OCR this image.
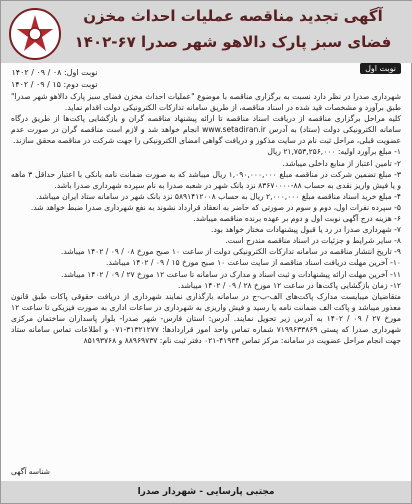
آگهی تجدید مناقصه عملیات احداث مخزن
فضای سبز پارک دالاهو شهر صدرا ۶۷-۱۴۰۲
نوبت اول
نوبت اول: ۰۸ / ۰۹ / ۱۴۰۲
نوبت دوم: ۱۵ / ۰۹ / ۱۴۰۲

شهرداری صدرا در نظر دارد نسبت به برگزاری مناقصه با موضوع "عملیات احداث مخزن فضای سبز پارک دالاهو شهر صدرا" طبق برآورد و مشخصات قید شده در اسناد مناقصه، از طریق سامانه تدارکات الکترونیکی دولت اقدام نماید.

کلیه مراحل برگزاری مناقصه از دریافت اسناد مناقصه تا ارائه پیشنهاد مناقصه گران و بازگشایی پاکت‌ها از طریق درگاه سامانه الکترونیکی دولت (ستاد) به آدرس www.setadiran.ir انجام خواهد شد و لازم است مناقصه گران در صورت عدم عضویت قبلی، مراحل ثبت نام در سایت مذکور و دریافت گواهی امضای الکترونیکی را جهت شرکت در مناقصه محقق سازند.

۱- مبلغ برآورد اولیه: ۲۱,۷۵۳,۲۵۶,۰۰۰ ریال

۲- تامین اعتبار از منابع داخلی میباشد.

۳- مبلغ تضمین شرکت در مناقصه مبلغ ۱,۰۹۰,۰۰۰,۰۰۰ ریال میباشد که به صورت ضمانت نامه بانکی با اعتبار حداقل ۳ ماهه و یا فیش واریز نقدی به حساب ۸۸-۸۳۶۷۰۰۰۰ نزد بانک شهر در شعبه صدرا به نام سپرده شهرداری صدرا باشد.

۴- مبلغ خرید اسناد مناقصه مبلغ ۲,۰۰۰,۰۰۰ ریال به حساب ۵۸۹۱۴۱۲۰۰۸ نزد بانک شهر در سامانه ستاد ایران میباشد.

۵- سپرده نفرات اول، دوم و سوم در صورتی که حاضر به انعقاد قرارداد نشوند به نفع شهرداری صدرا ضبط خواهد شد.

۶- هزینه درج آگهی نوبت اول و دوم بر عهده برنده مناقصه میباشد.

۷- شهرداری صدرا در رد یا قبول پیشنهادات مختار خواهد بود.

۸- سایر شرایط و جزئیات در اسناد مناقصه مندرج است.

۹- تاریخ انتشار مناقصه در سامانه تدارکات الکترونیکی دولت از ساعت ۱۰ صبح مورخ ۰۸ / ۰۹ / ۱۴۰۲ میباشد.

۱۰- آخرین مهلت دریافت اسناد مناقصه از سایت ساعت ۱۰ صبح مورخ ۱۵ / ۰۹ / ۱۴۰۲ میباشد.

۱۱- آخرین مهلت ارائه پیشنهادات و ثبت اسناد و مدارک در سامانه تا ساعت ۱۲ مورخ ۲۷ / ۰۹ / ۱۴۰۲ میباشد.

۱۲- زمان بازگشایی پاکت‌ها در ساعت ۱۲ مورخ ۲۸ / ۰۹ / ۱۴۰۲ میباشد.

متقاضیان میبایست مدارک پاکت‌های الف-ب-ج در سامانه بارگذاری نمایند شهرداری از دریافت حقوقی پاکات طبق قانون معذور میباشد و پاکت الف ضمانت نامه یا رسید و فیش واریزی به شهرداری در ساعات اداری به صورت فیزیکی تا ساعت ۱۲ مورخ ۲۷ / ۰۹ / ۱۴۰۲ به آدرس زیر تحویل نمایند. آدرس: استان فارس- شهر صدرا- بلوار پاسداران ساختمان مرکزی شهرداری صدرا که پستی ۷۱۹۹۶۳۳۸۶۹ شماره تماس واحد امور قراردادها: ۳۱۳۲۱۲۷۷-۰۷۱ و اطلاعات تماس سامانه ستاد جهت انجام مراحل عضویت در سامانه: مرکز تماس ۴۱۹۳۴-۰۲۱ دفتر ثبت نام: ۸۸۹۶۹۷۳۷ و ۸۵۱۹۳۷۶۸

شناسه آگهی
مجتبی پارسایی - شهردار صدرا
